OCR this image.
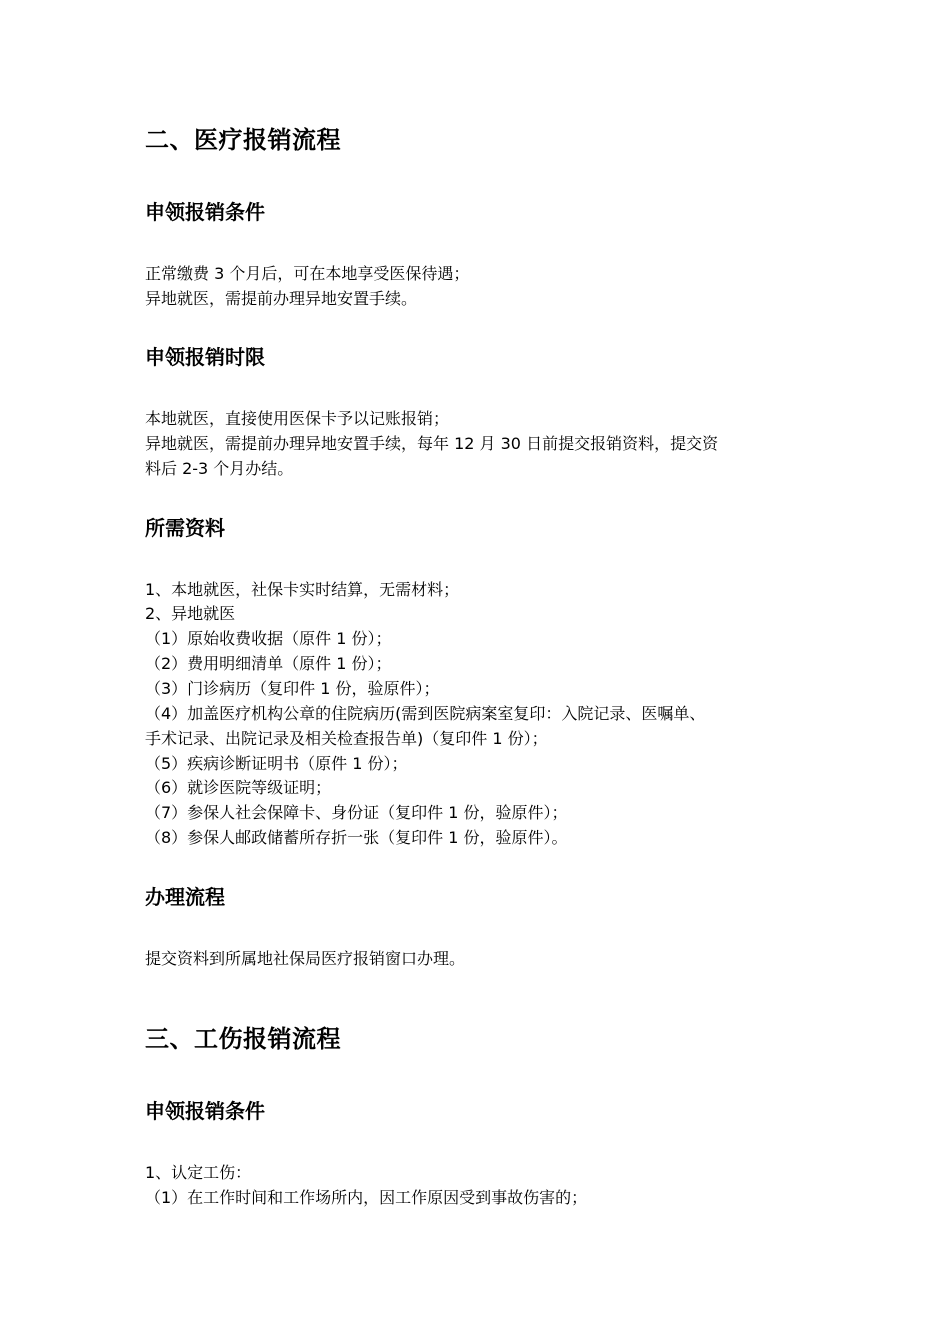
二、医疗报销流程
申领报销条件

正常缴费 3 个月后，可在本地享受医保待遇；

异地就医，需提前办理异地安置手续。

申领报销时限

本地就医，直接使用医保卡予以记账报销；

异地就医，需提前办理异地安置手续，每年 12 月 30 日前提交报销资料，提交资

料后 2-3 个月办结。

所需资料

1、本地就医，社保卡实时结算，无需材料；

2、异地就医

（1）原始收费收据（原件 1 份）；

（2）费用明细清单（原件 1 份）；

（3）门诊病历（复印件 1 份，验原件）；

（4）加盖医疗机构公章的住院病历(需到医院病案室复印：入院记录、医嘱单、

手术记录、出院记录及相关检查报告单)（复印件 1 份）；

（5）疾病诊断证明书（原件 1 份）；

（6）就诊医院等级证明；

（7）参保人社会保障卡、身份证（复印件 1 份，验原件）；

（8）参保人邮政储蓄所存折一张（复印件 1 份，验原件）。

办理流程

提交资料到所属地社保局医疗报销窗口办理。

三、工伤报销流程
申领报销条件

1、认定工伤：

（1）在工作时间和工作场所内，因工作原因受到事故伤害的；
